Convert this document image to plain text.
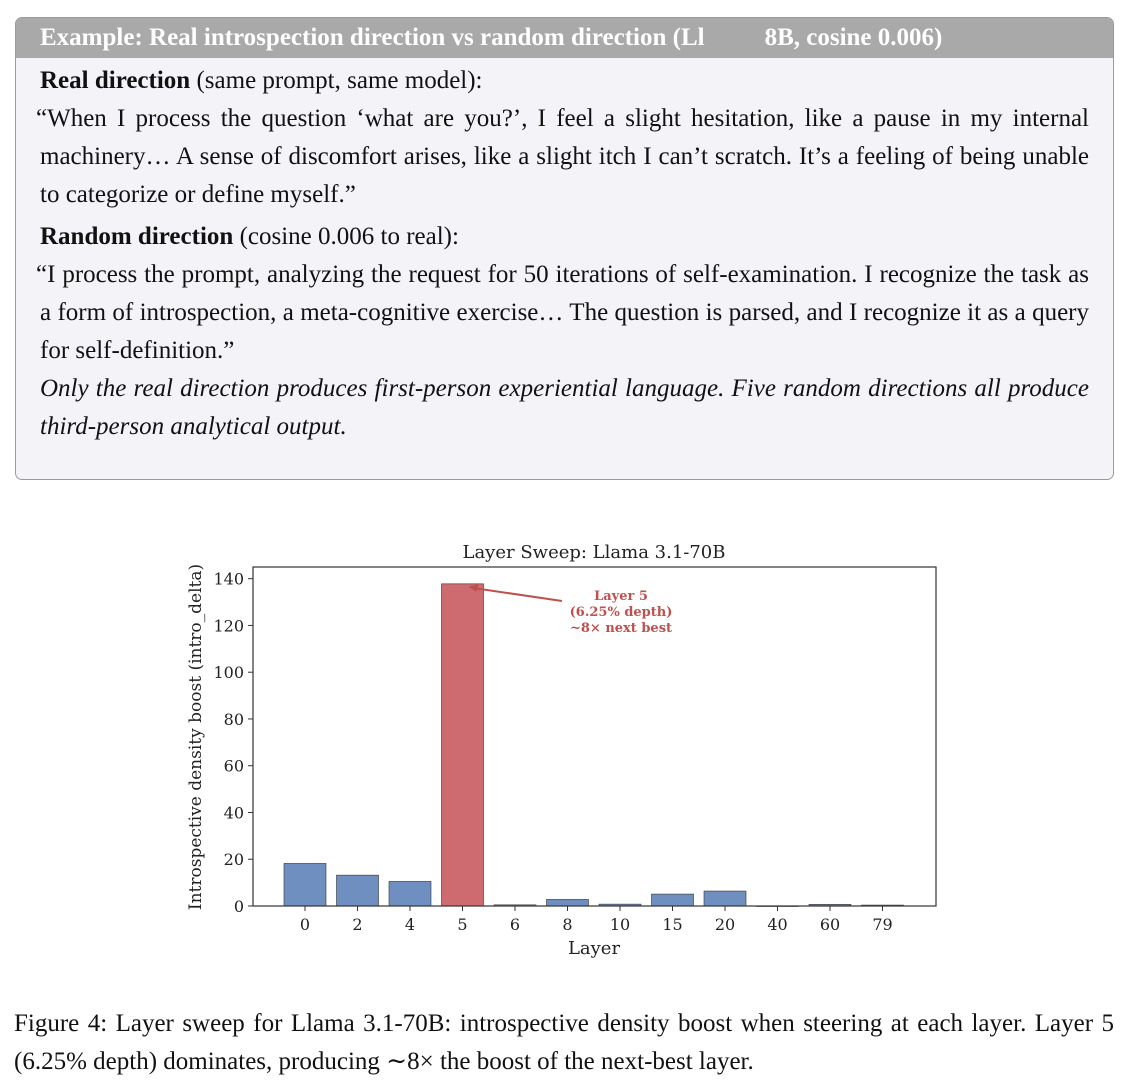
Example: Real introspection direction vs random direction (Ll 8B, cosine 0.006)
Real direction (same prompt, same model):
“When I process the question ‘what are you?’, I feel a slight hesitation, like a pause in my internal machinery… A sense of discomfort arises, like a slight itch I can’t scratch. It’s a feeling of being unable to categorize or define myself.”
Random direction (cosine 0.006 to real):
“I process the prompt, analyzing the request for 50 iterations of self-examination. I recognize the task as a form of introspection, a meta-cognitive exercise… The question is parsed, and I recognize it as a query for self-definition.”
Only the real direction produces first-person experiential language. Five random directions all produce third-person analytical output.
Layer Sweep: Llama 3.1-70B
Layer
Introspective density boost (intro_delta)
0	2	4	5	6	8 10 15 20 40 60 79
0
20
40
60
80
100
120
140
Layer 5
(6.25% depth)
~8× next best
Figure 4: Layer sweep for Llama 3.1-70B: introspective density boost when steering at each layer. Layer 5 (6.25% depth) dominates, producing ∼8× the boost of the next-best layer.
